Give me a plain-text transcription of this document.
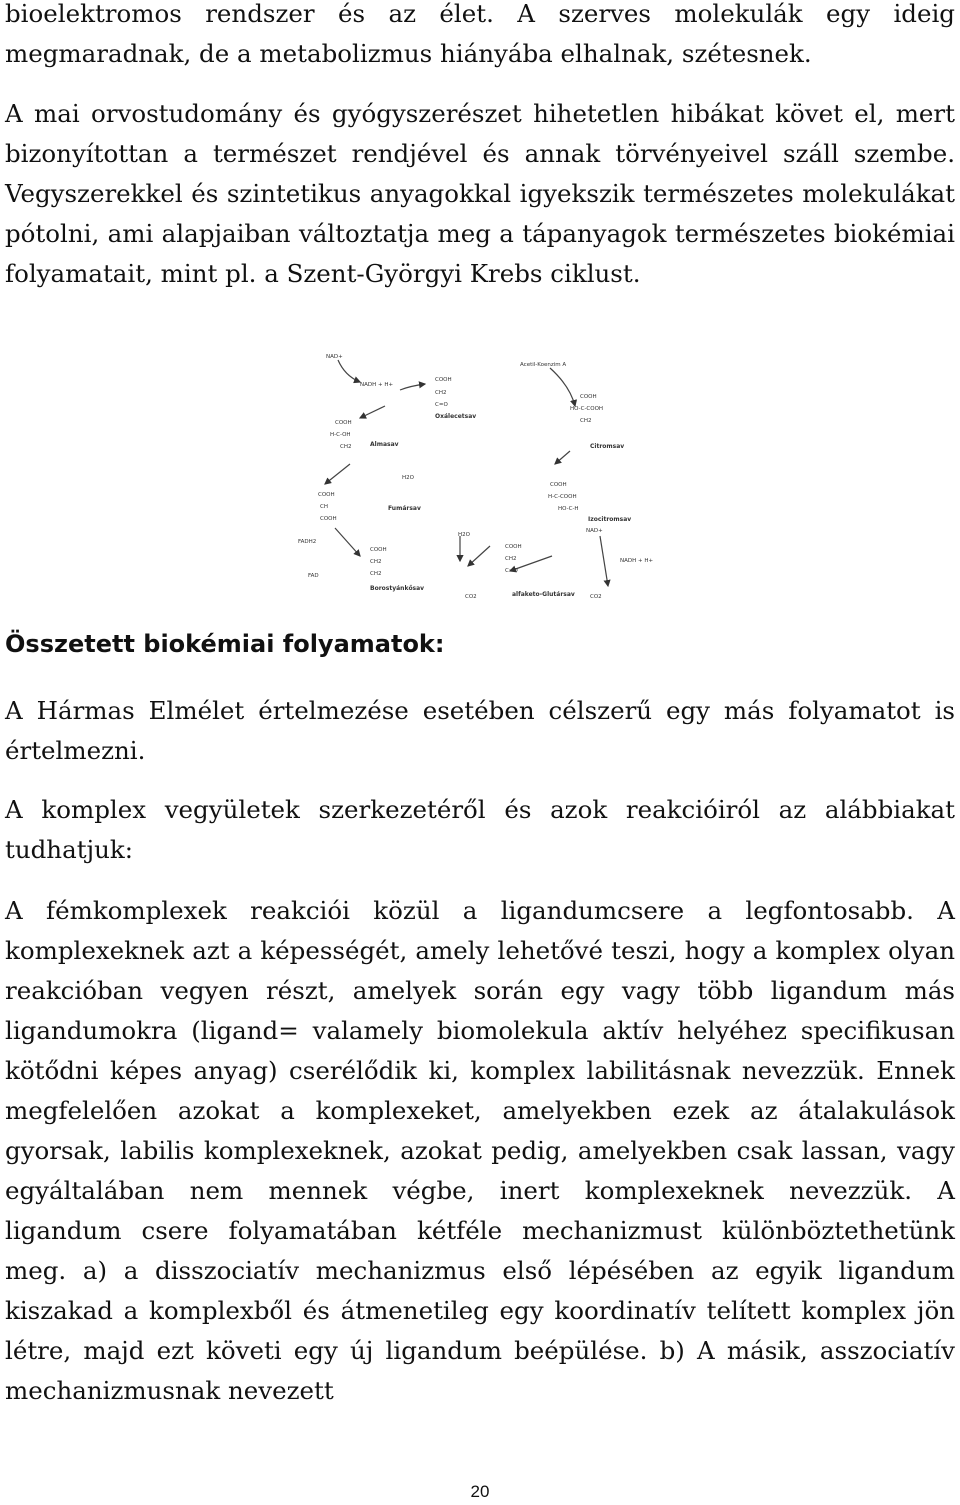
bioelektromos rendszer és az élet. A szerves molekulák egy ideig megmaradnak, de a metabolizmus hiányába elhalnak, szétesnek.

A mai orvostudomány és gyógyszerészet hihetetlen hibákat követ el, mert bizonyítottan a természet rendjével és annak törvényeivel száll szembe. Vegyszerekkel és szintetikus anyagokkal igyekszik természetes molekulákat pótolni, ami alapjaiban változtatja meg a tápanyagok természetes biokémiai folyamatait, mint pl. a Szent-Györgyi Krebs ciklust.

NAD+
NADH + H+
Acetil-Koenzim A
COOH
CH2
C=O
Oxálecetsav
COOH
H-C-OH
CH2	Almasav
COOH
HO-C-COOH
CH2
Citromsav
H2O
COOH
CH
COOH
Fumársav
COOH
H-C-COOH
HO-C-H
Izocitromsav
FADH2
FAD
COOH
CH2
CH2
Borostyánkősav
H2O
CO2
COOH
CH2
C=O
alfaketo-Glutársav	CO2
NAD+
NADH + H+
Összetett biokémiai folyamatok:

A Hármas Elmélet értelmezése esetében célszerű egy más folyamatot is értelmezni.

A komplex vegyületek szerkezetéről és azok reakcióiról az alábbiakat tudhatjuk:

A fémkomplexek reakciói közül a ligandumcsere a legfontosabb. A komplexeknek azt a képességét, amely lehetővé teszi, hogy a komplex olyan reakcióban vegyen részt, amelyek során egy vagy több ligandum más ligandumokra (ligand= valamely biomolekula aktív helyéhez specifikusan kötődni képes anyag) cserélődik ki, komplex labilitásnak nevezzük. Ennek megfelelően azokat a komplexeket, amelyekben ezek az átalakulások gyorsak, labilis komplexeknek, azokat pedig, amelyekben csak lassan, vagy egyáltalában nem mennek végbe, inert komplexeknek nevezzük. A ligandum csere folyamatában kétféle mechanizmust különböztethetünk meg. a) a disszociatív mechanizmus első lépésében az egyik ligandum kiszakad a komplexből és átmenetileg egy koordinatív telített komplex jön létre, majd ezt követi egy új ligandum beépülése. b) A másik, asszociatív mechanizmusnak nevezett

20
